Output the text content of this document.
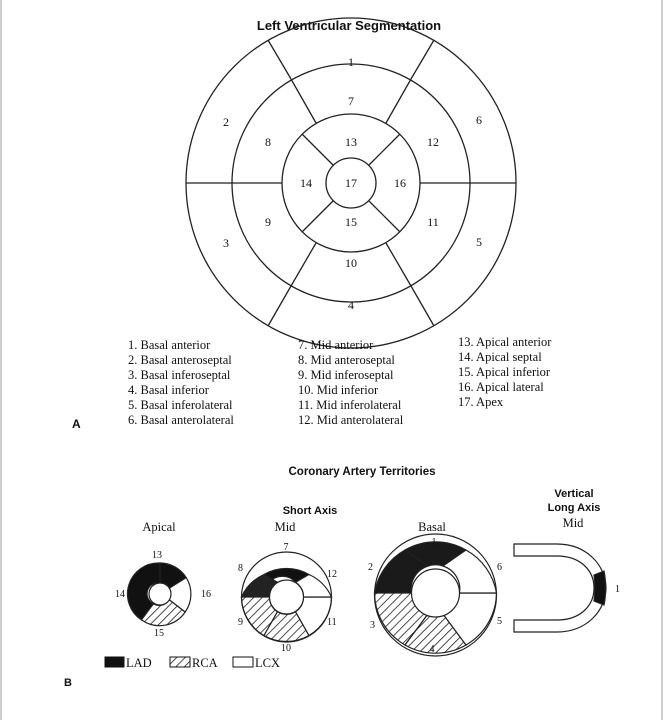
Left Ventricular Segmentation
1
2
3
4
5
6
7
8
9
10
11
12
13
14
15
16
17
1. Basal anterior
2. Basal anteroseptal
3. Basal inferoseptal
4. Basal inferior
5. Basal inferolateral
6. Basal anterolateral
7. Mid anterior
8. Mid anteroseptal
9. Mid inferoseptal
10. Mid inferior
11. Mid inferolateral
12. Mid anterolateral
13. Apical anterior
14. Apical septal
15. Apical inferior
16. Apical lateral
17. Apex
A
Coronary Artery Territories
Short Axis
Vertical
Long Axis
Mid
Apical	Mid	Basal
13
14
15
16
7
8
9
10
11
12
1
2
3
4
5
6
1
LAD	RCA	LCX
B
